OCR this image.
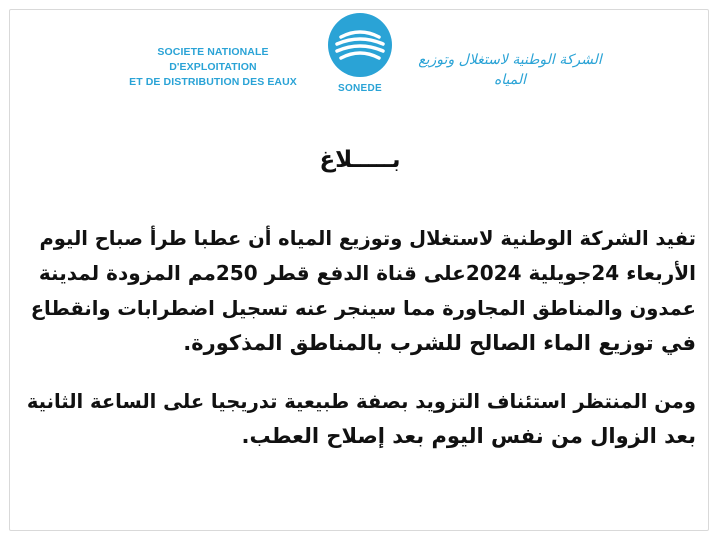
SOCIETE NATIONALE D'EXPLOITATION
ET DE DISTRIBUTION DES EAUX
SONEDE
الشركة الوطنية لاستغلال وتوزيع المياه
بـــــلاغ
تفيد الشركة الوطنية لاستغلال وتوزيع المياه أن عطبا طرأ صباح اليوم
الأربعاء 24جويلية 2024على قناة الدفع قطر 250مم المزودة لمدينة
عمدون والمناطق المجاورة مما سينجر عنه تسجيل اضطرابات وانقطاع
في توزيع الماء الصالح للشرب بالمناطق المذكورة.
ومن المنتظر استئناف التزويد بصفة طبيعية تدريجيا على الساعة الثانية
بعد الزوال من نفس اليوم بعد إصلاح العطب.
